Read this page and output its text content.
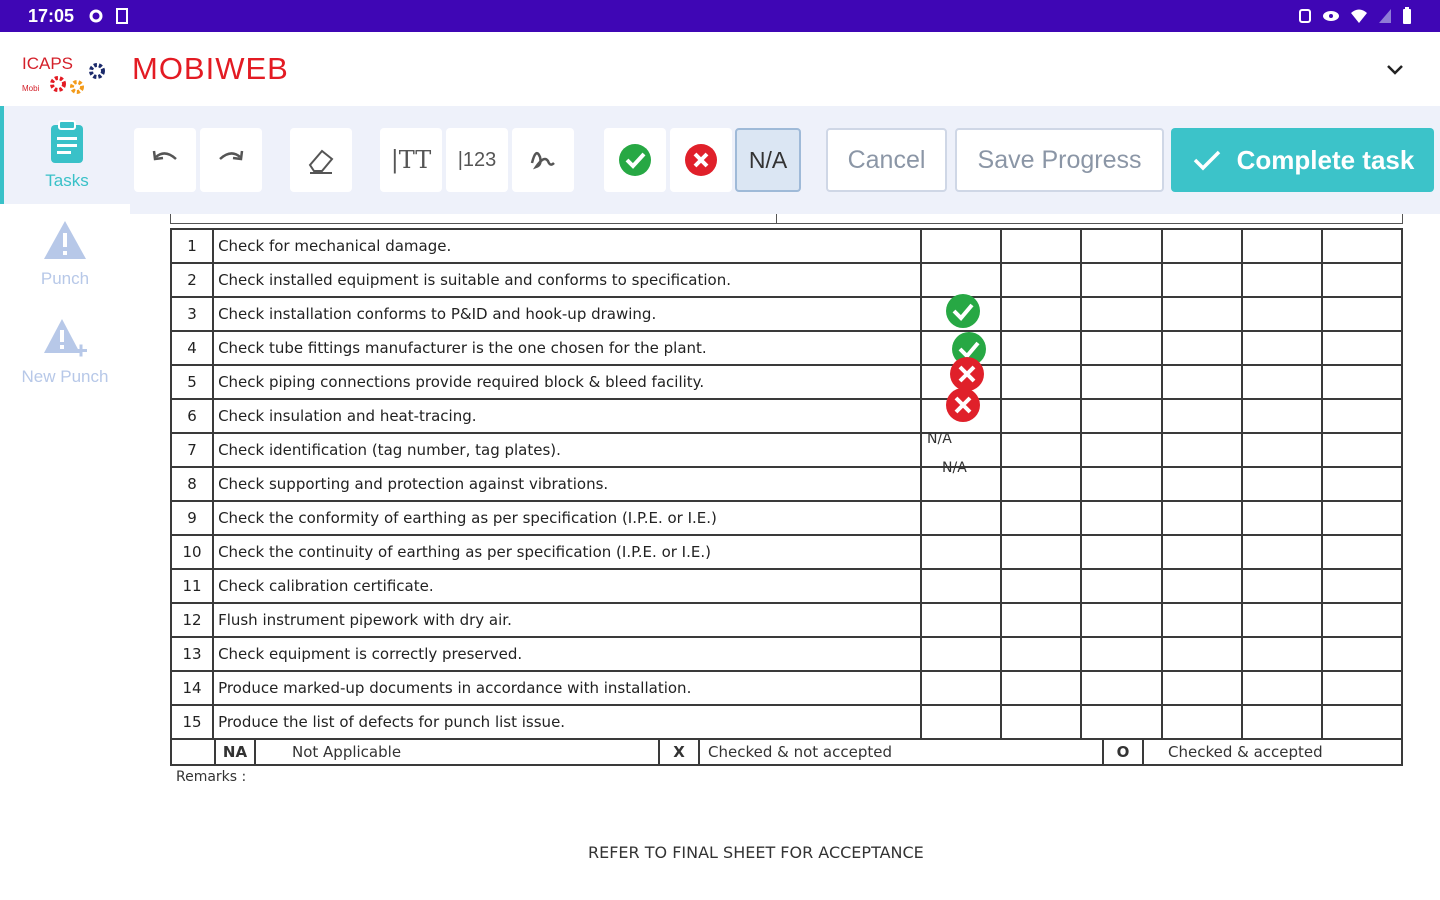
17:05
ICAPS
Mobi
MOBIWEB
Tasks
Punch
New Punch
|TT |123	N/A Cancel Save Progress	Complete task
1	Check for mechanical damage.						
2	Check installed equipment is suitable and conforms to specification.						
3	Check installation conforms to P&ID and hook-up drawing.						
4	Check tube fittings manufacturer is the one chosen for the plant.						
5	Check piping connections provide required block & bleed facility.						
6	Check insulation and heat-tracing.						
7	Check identification (tag number, tag plates).						
8	Check supporting and protection against vibrations.						
9	Check the conformity of earthing as per specification (I.P.E. or I.E.)						
10	Check the continuity of earthing as per specification (I.P.E. or I.E.)						
11	Check calibration certificate.						
12	Flush instrument pipework with dry air.						
13	Check equipment is correctly preserved.						
14	Produce marked-up documents in accordance with installation.						
15	Produce the list of defects for punch list issue.						
N/A
N/A
NA	Not Applicable	X	Checked & not accepted	O	Checked & accepted
Remarks :
REFER TO FINAL SHEET FOR ACCEPTANCE
